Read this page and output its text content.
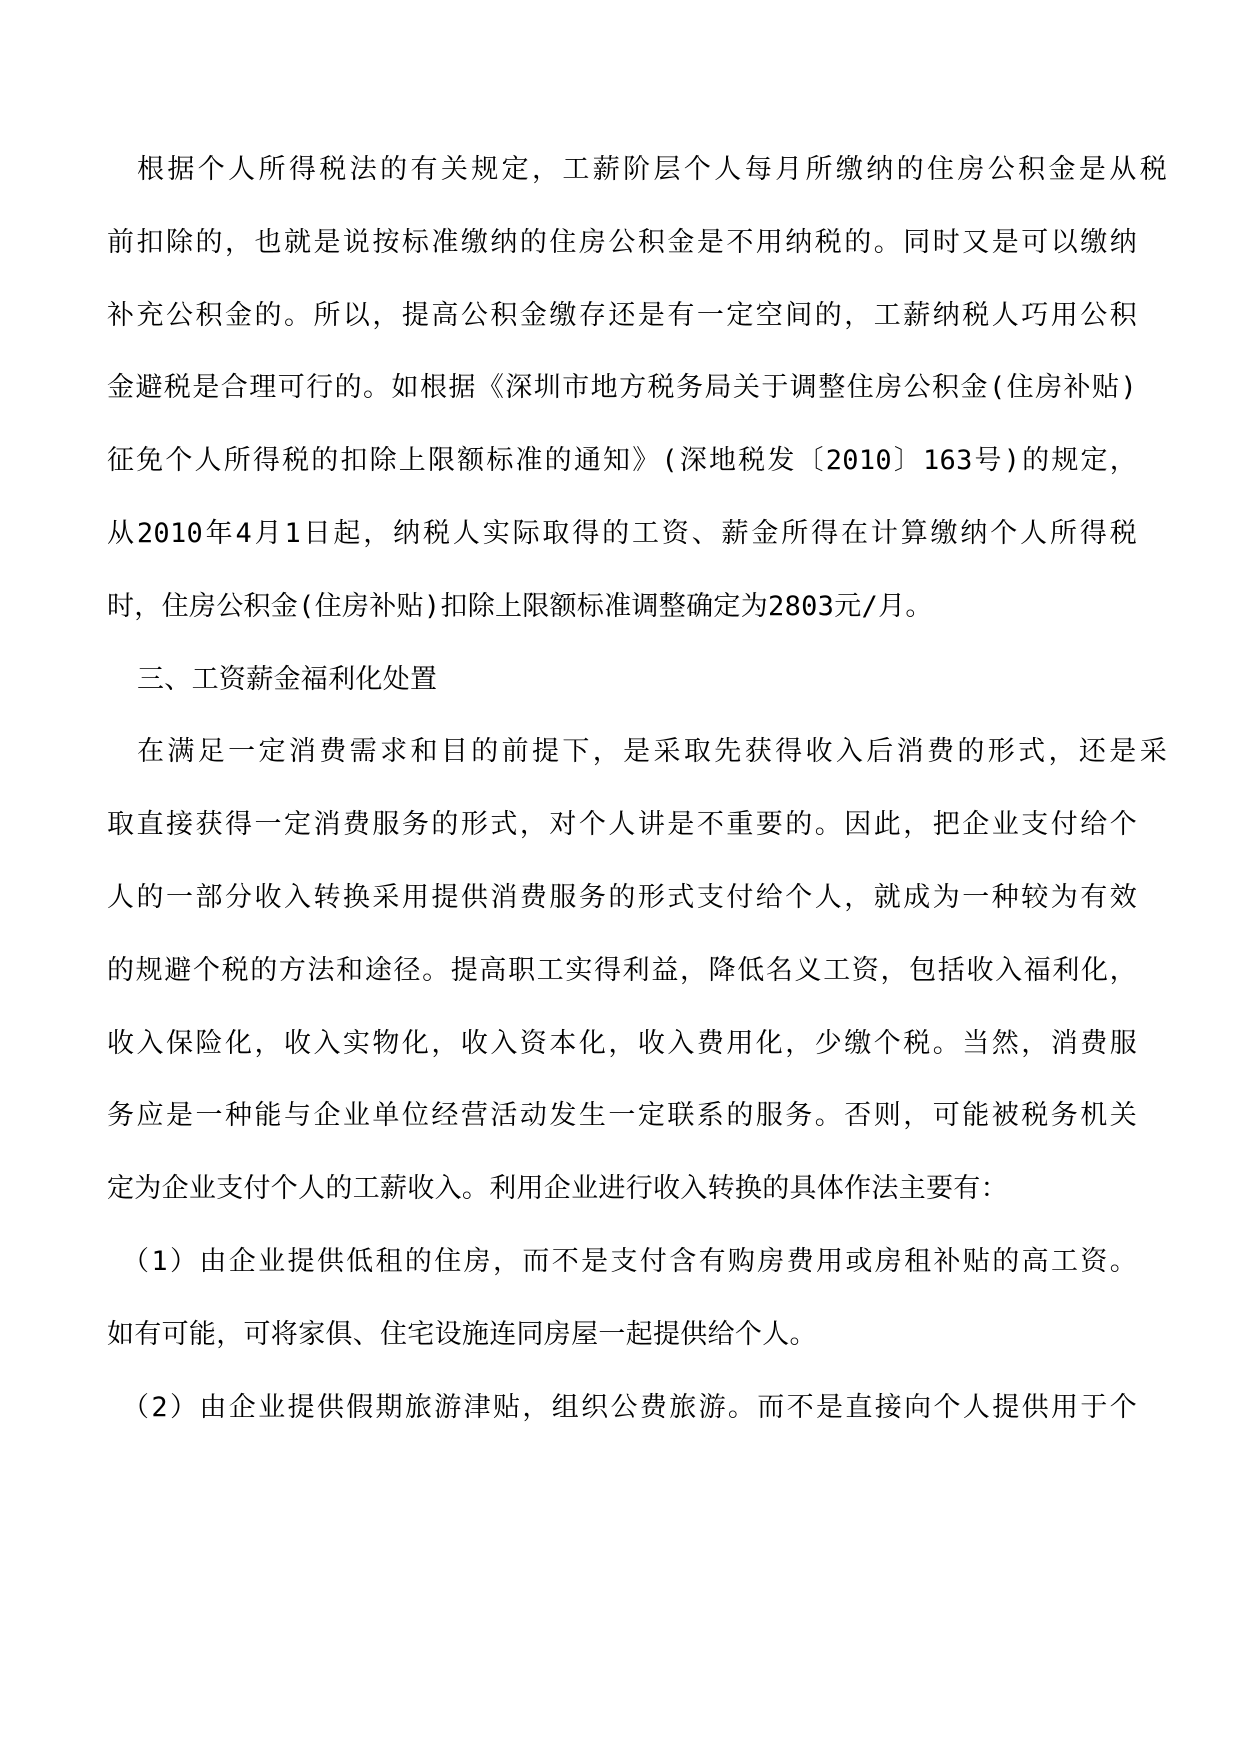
根据个人所得税法的有关规定，工薪阶层个人每月所缴纳的住房公积金是从税
前扣除的，也就是说按标准缴纳的住房公积金是不用纳税的。同时又是可以缴纳
补充公积金的。所以，提高公积金缴存还是有一定空间的，工薪纳税人巧用公积
金避税是合理可行的。如根据《深圳市地方税务局关于调整住房公积金(住房补贴)
征免个人所得税的扣除上限额标准的通知》(深地税发〔2010〕163号)的规定，
从2010年4月1日起，纳税人实际取得的工资、薪金所得在计算缴纳个人所得税
时，住房公积金(住房补贴)扣除上限额标准调整确定为2803元/月。
三、工资薪金福利化处置
在满足一定消费需求和目的前提下，是采取先获得收入后消费的形式，还是采
取直接获得一定消费服务的形式，对个人讲是不重要的。因此，把企业支付给个
人的一部分收入转换采用提供消费服务的形式支付给个人，就成为一种较为有效
的规避个税的方法和途径。提高职工实得利益，降低名义工资，包括收入福利化，
收入保险化，收入实物化，收入资本化，收入费用化，少缴个税。当然，消费服
务应是一种能与企业单位经营活动发生一定联系的服务。否则，可能被税务机关
定为企业支付个人的工薪收入。利用企业进行收入转换的具体作法主要有：
（1）由企业提供低租的住房，而不是支付含有购房费用或房租补贴的高工资。
如有可能，可将家俱、住宅设施连同房屋一起提供给个人。
（2）由企业提供假期旅游津贴，组织公费旅游。而不是直接向个人提供用于个
